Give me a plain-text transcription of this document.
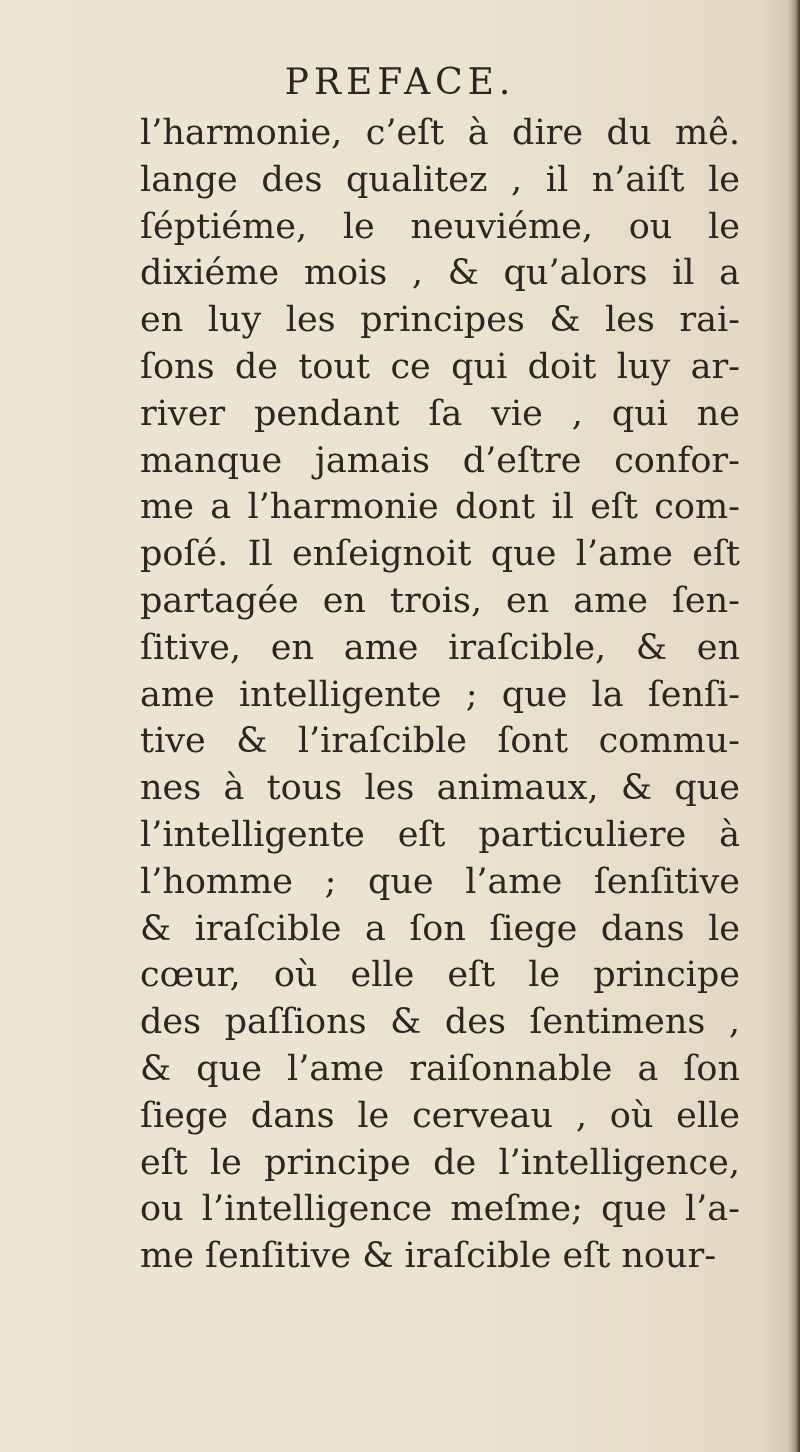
PREFACE.
l’harmonie, c’eſt à dire du mê.
lange des qualitez , il n’aiſt le
ſéptiéme, le neuviéme, ou le
dixiéme mois , & qu’alors il a
en luy les principes & les rai-
ſons de tout ce qui doit luy ar-
river pendant ſa vie , qui ne
manque jamais d’eſtre confor-
me a l’harmonie dont il eſt com-
poſé. Il enſeignoit que l’ame eſt
partagée en trois, en ame ſen-
ſitive, en ame iraſcible, & en
ame intelligente ; que la ſenſi-
tive & l’iraſcible ſont commu-
nes à tous les animaux, & que
l’intelligente eſt particuliere à
l’homme ; que l’ame ſenſitive
& iraſcible a ſon ſiege dans le
cœur, où elle eſt le principe
des paſſions & des ſentimens ,
& que l’ame raiſonnable a ſon
ſiege dans le cerveau , où elle
eſt le principe de l’intelligence,
ou l’intelligence meſme; que l’a-
me ſenſitive & iraſcible eſt nour-
